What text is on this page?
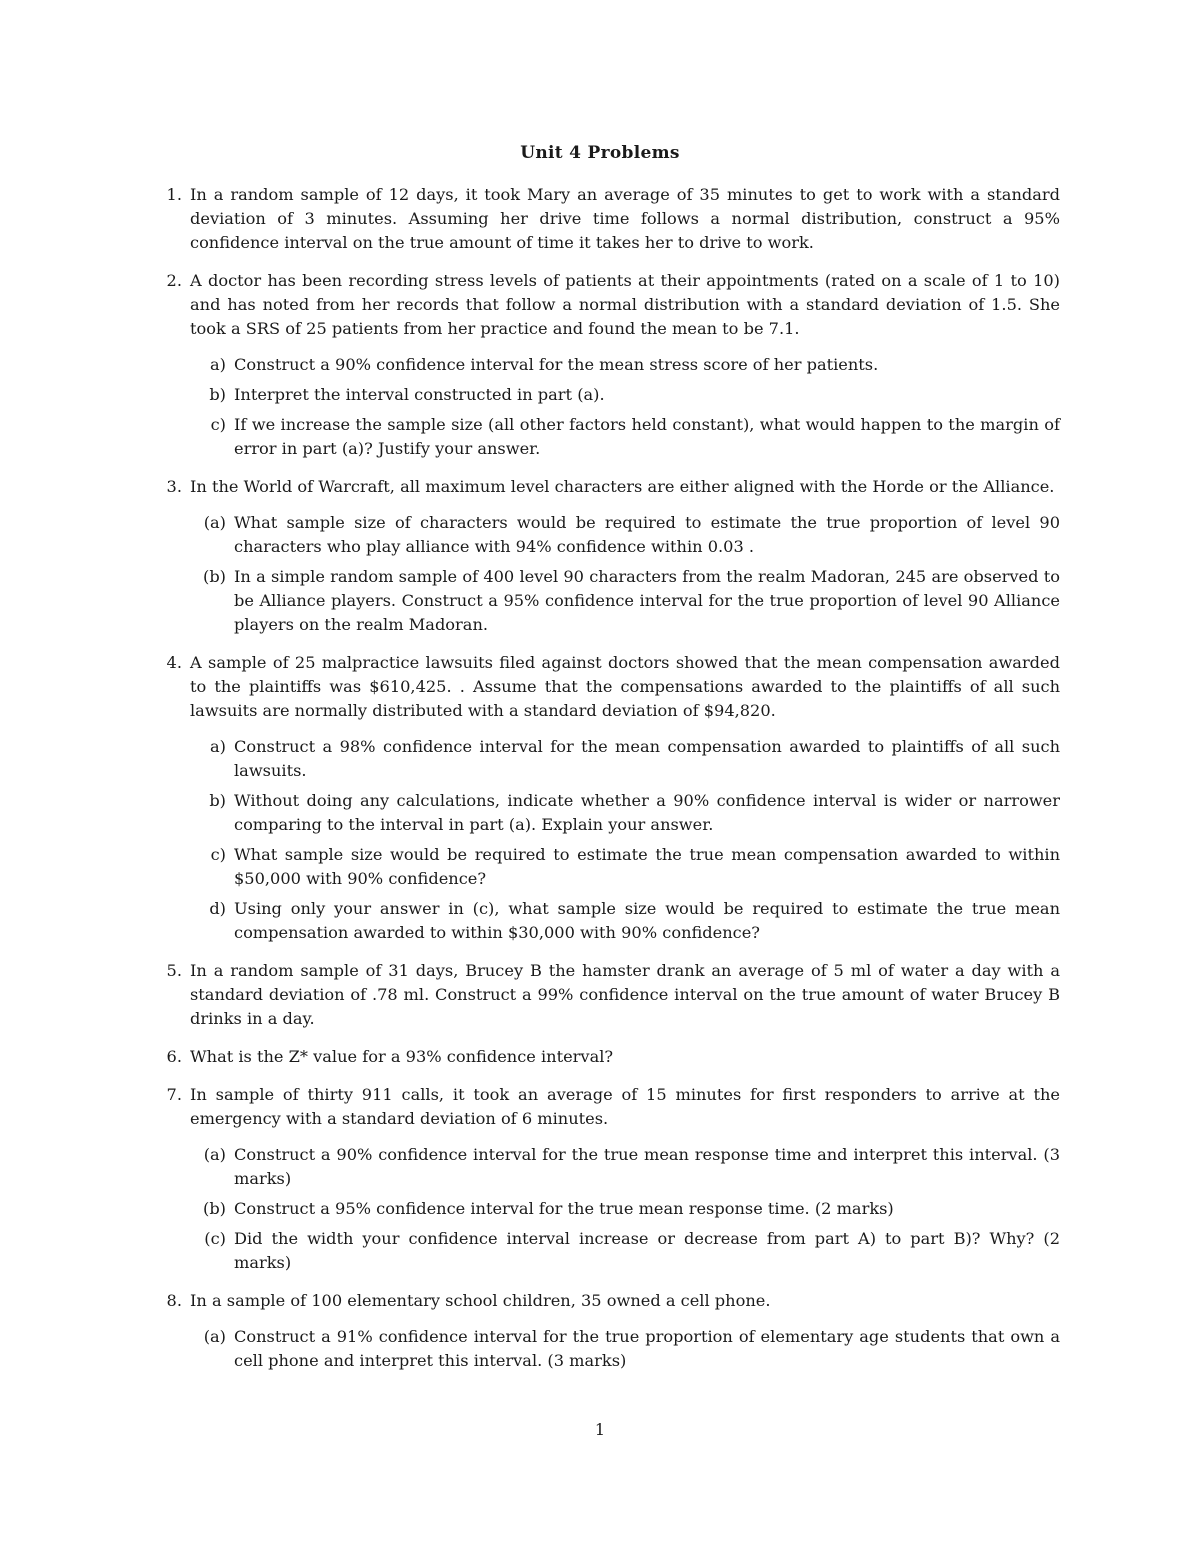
Unit 4 Problems
1. In a random sample of 12 days, it took Mary an average of 35 minutes to get to work with a standard deviation of 3 minutes. Assuming her drive time follows a normal distribution, construct a 95% confidence interval on the true amount of time it takes her to drive to work.
2. A doctor has been recording stress levels of patients at their appointments (rated on a scale of 1 to 10) and has noted from her records that follow a normal distribution with a standard deviation of 1.5. She took a SRS of 25 patients from her practice and found the mean to be 7.1.
a) Construct a 90% confidence interval for the mean stress score of her patients.
b) Interpret the interval constructed in part (a).
c) If we increase the sample size (all other factors held constant), what would happen to the margin of error in part (a)? Justify your answer.
3. In the World of Warcraft, all maximum level characters are either aligned with the Horde or the Alliance.
(a) What sample size of characters would be required to estimate the true proportion of level 90 characters who play alliance with 94% confidence within 0.03 .
(b) In a simple random sample of 400 level 90 characters from the realm Madoran, 245 are observed to be Alliance players. Construct a 95% confidence interval for the true proportion of level 90 Alliance players on the realm Madoran.
4. A sample of 25 malpractice lawsuits filed against doctors showed that the mean compensation awarded to the plaintiffs was $610,425. . Assume that the compensations awarded to the plaintiffs of all such lawsuits are normally distributed with a standard deviation of $94,820.
a) Construct a 98% confidence interval for the mean compensation awarded to plaintiffs of all such lawsuits.
b) Without doing any calculations, indicate whether a 90% confidence interval is wider or narrower comparing to the interval in part (a). Explain your answer.
c) What sample size would be required to estimate the true mean compensation awarded to within $50,000 with 90% confidence?
d) Using only your answer in (c), what sample size would be required to estimate the true mean compensation awarded to within $30,000 with 90% confidence?
5. In a random sample of 31 days, Brucey B the hamster drank an average of 5 ml of water a day with a standard deviation of .78 ml. Construct a 99% confidence interval on the true amount of water Brucey B drinks in a day.
6. What is the Z* value for a 93% confidence interval?
7. In sample of thirty 911 calls, it took an average of 15 minutes for first responders to arrive at the emergency with a standard deviation of 6 minutes.
(a) Construct a 90% confidence interval for the true mean response time and interpret this interval. (3 marks)
(b) Construct a 95% confidence interval for the true mean response time. (2 marks)
(c) Did the width your confidence interval increase or decrease from part A) to part B)? Why? (2 marks)
8. In a sample of 100 elementary school children, 35 owned a cell phone.
(a) Construct a 91% confidence interval for the true proportion of elementary age students that own a cell phone and interpret this interval. (3 marks)
1
